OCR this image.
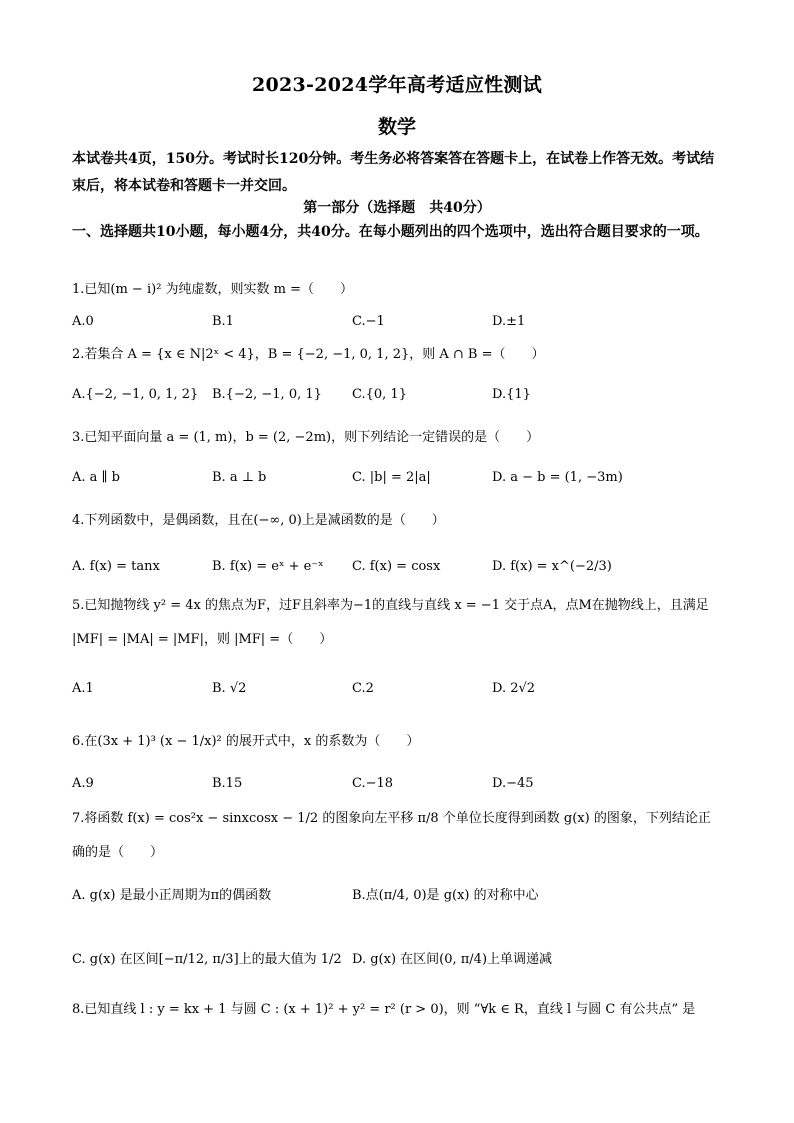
2023-2024学年高考适应性测试
数学
本试卷共4页，150分。考试时长120分钟。考生务必将答案答在答题卡上，在试卷上作答无效。考试结束后，将本试卷和答题卡一并交回。
第一部分（选择题　共40分）
一、选择题共10小题，每小题4分，共40分。在每小题列出的四个选项中，选出符合题目要求的一项。
1.已知(m − i)² 为纯虚数，则实数 m =（　　）
A.0	B.1	C.−1	D.±1
2.若集合 A = {x ∈ N|2ˣ < 4}，B = {−2, −1, 0, 1, 2}，则 A ∩ B =（　　）
A.{−2, −1, 0, 1, 2} B.{−2, −1, 0, 1} C.{0, 1}	D.{1}
3.已知平面向量 a = (1, m)，b = (2, −2m)，则下列结论一定错误的是（　　）
A. a ∥ b	B. a ⊥ b	C. |b| = 2|a|	D. a − b = (1, −3m)
4.下列函数中，是偶函数，且在(−∞, 0)上是减函数的是（　　）
A. f(x) = tanx	B. f(x) = eˣ + e⁻ˣ C. f(x) = cosx	D. f(x) = x^(−2/3)
5.已知抛物线 y² = 4x 的焦点为F，过F且斜率为−1的直线与直线 x = −1 交于点A，点M在抛物线上，且满足 |MF| = |MA| = |MF|，则 |MF| =（　　）
A.1	B. √2	C.2	D. 2√2
6.在(3x + 1)³ (x − 1/x)² 的展开式中，x 的系数为（　　）
A.9	B.15	C.−18	D.−45
7.将函数 f(x) = cos²x − sinxcosx − 1/2 的图象向左平移 π/8 个单位长度得到函数 g(x) 的图象，下列结论正确的是（　　）
A. g(x) 是最小正周期为π的偶函数	B.点(π/4, 0)是 g(x) 的对称中心
C. g(x) 在区间[−π/12, π/3]上的最大值为 1/2 D. g(x) 在区间(0, π/4)上单调递减
8.已知直线 l : y = kx + 1 与圆 C : (x + 1)² + y² = r² (r > 0)，则 “∀k ∈ R，直线 l 与圆 C 有公共点” 是
